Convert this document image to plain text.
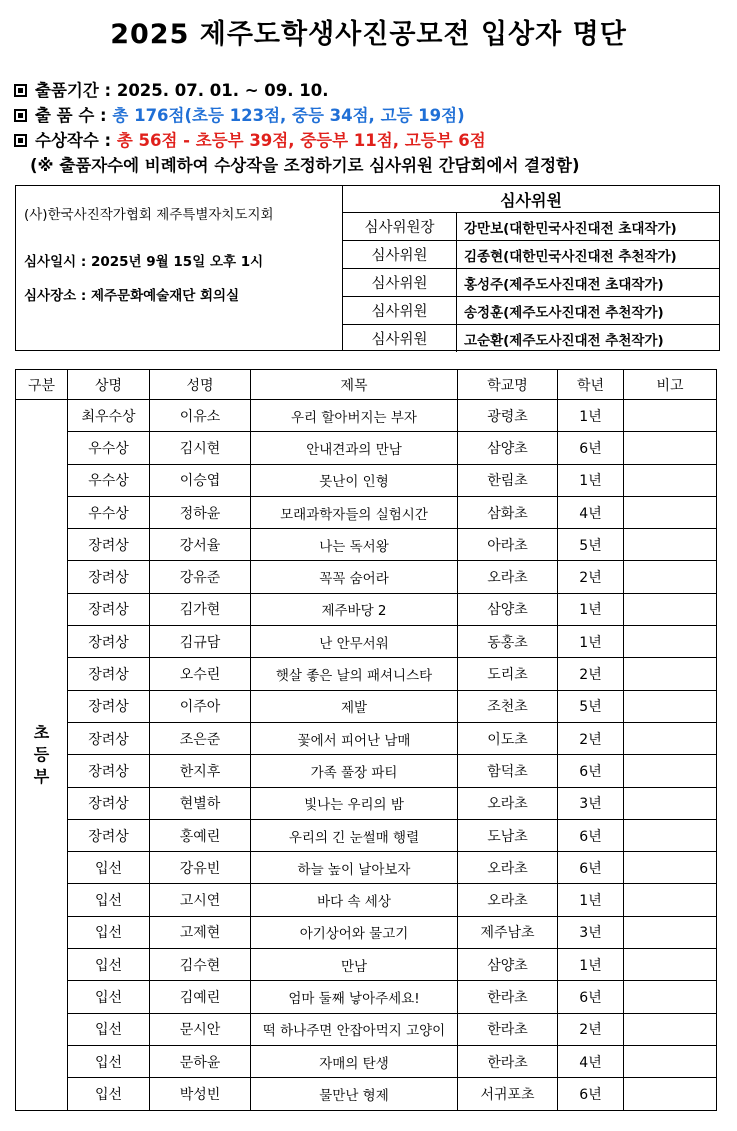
2025 제주도학생사진공모전 입상자 명단
출품기간 : 2025. 07. 01. ~ 09. 10.
출 품 수 : 총 176점(초등 123점, 중등 34점, 고등 19점)
수상작수 : 총 56점 - 초등부 39점, 중등부 11점, 고등부 6점
(※ 출품자수에 비례하여 수상작을 조정하기로 심사위원 간담회에서 결정함)
(사)한국사진작가협회 제주특별자치도지회
심사일시 : 2025년 9월 15일 오후 1시
심사장소 : 제주문화예술재단 회의실
심사위원	
심사위원장	강만보(대한민국사진대전 초대작가)
심사위원	김종현(대한민국사진대전 추천작가)
심사위원	홍성주(제주도사진대전 초대작가)
심사위원	송정훈(제주도사진대전 추천작가)
심사위원	고순환(제주도사진대전 추천작가)
구분	상명	성명	제목	학교명	학년	비고

초
등
부	최우수상	이유소	우리 할아버지는 부자	광령초	1년	
	우수상	김시현	안내견과의 만남	삼양초	6년	
	우수상	이승엽	못난이 인형	한림초	1년	
	우수상	정하윤	모래과학자들의 실험시간	삼화초	4년	
	장려상	강서율	나는 독서왕	아라초	5년	
	장려상	강유준	꼭꼭 숨어라	오라초	2년	
	장려상	김가현	제주바당 2	삼양초	1년	
	장려상	김규담	난 안무서워	동홍초	1년	
	장려상	오수린	햇살 좋은 날의 패셔니스타	도리초	2년	
	장려상	이주아	제발	조천초	5년	
	장려상	조은준	꽃에서 피어난 남매	이도초	2년	
	장려상	한지후	가족 풀장 파티	함덕초	6년	
	장려상	현별하	빛나는 우리의 밤	오라초	3년	
	장려상	홍예린	우리의 긴 눈썰매 행렬	도남초	6년	
	입선	강유빈	하늘 높이 날아보자	오라초	6년	
	입선	고시연	바다 속 세상	오라초	1년	
	입선	고제현	아기상어와 물고기	제주남초	3년	
	입선	김수현	만남	삼양초	1년	
	입선	김예린	엄마 둘째 낳아주세요!	한라초	6년	
	입선	문시안	떡 하나주면 안잡아먹지 고양이	한라초	2년	
	입선	문하윤	자매의 탄생	한라초	4년	
	입선	박성빈	물만난 형제	서귀포초	6년	
